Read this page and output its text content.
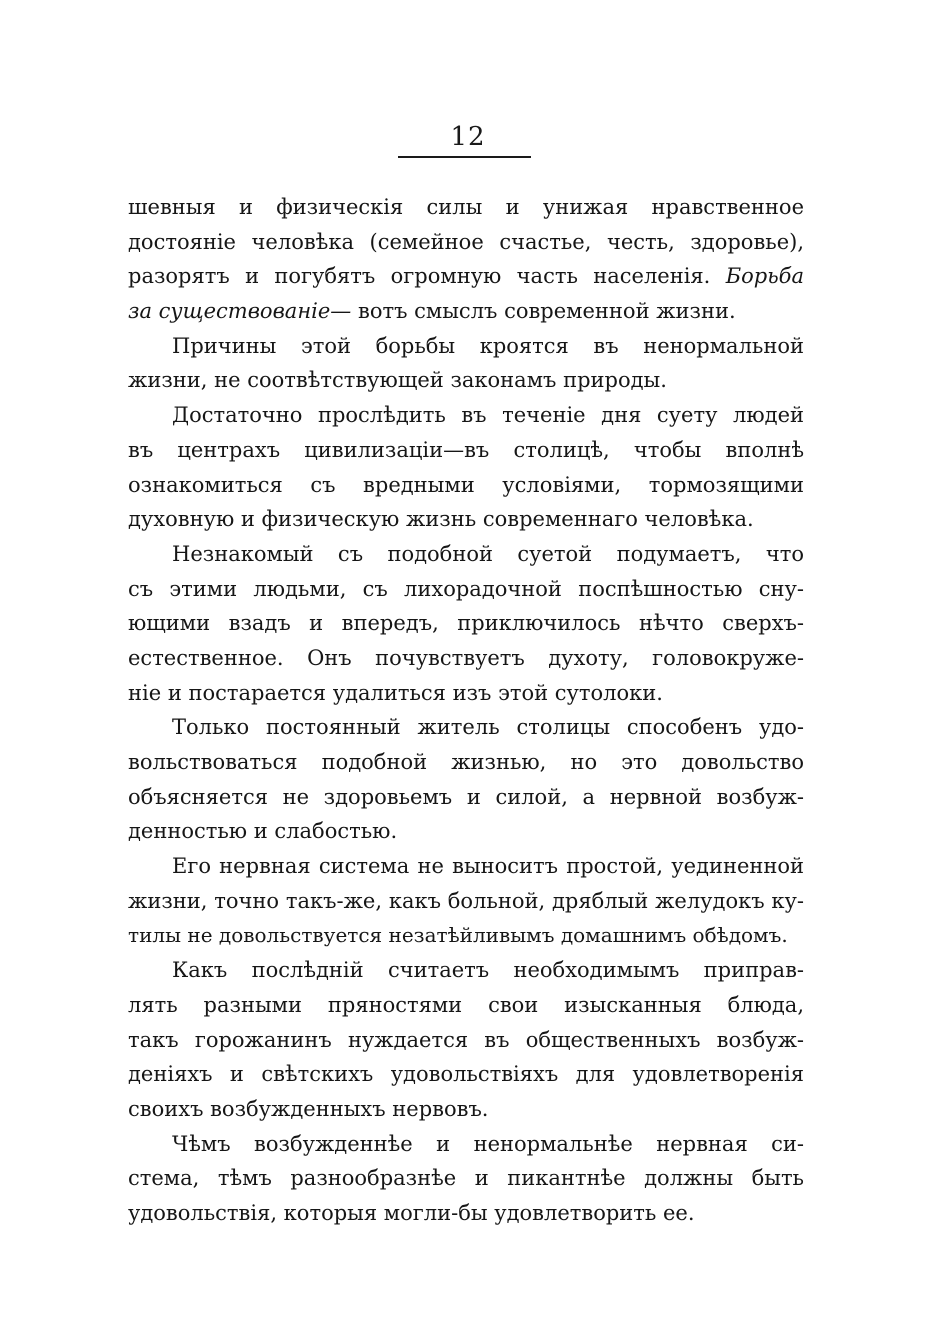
12
шевныя и физическія силы и унижая нравственное
достояніе человѣка (семейное счастье, честь, здоровье),
разорятъ и погубятъ огромную часть населенія. Борьба
за существованіе— вотъ смыслъ современной жизни.
Причины этой борьбы кроятся въ ненормальной
жизни, не соотвѣтствующей законамъ природы.
Достаточно прослѣдить въ теченіе дня суету людей
въ центрахъ цивилизаціи—въ столицѣ, чтобы вполнѣ
ознакомиться съ вредными условіями, тормозящими
духовную и физическую жизнь современнаго человѣка.
Незнакомый съ подобной суетой подумаетъ, что
съ этими людьми, съ лихорадочной поспѣшностью сну-
ющими взадъ и впередъ, приключилось нѣчто сверхъ-
естественное. Онъ почувствуетъ духоту, головокруже-
ніе и постарается удалиться изъ этой сутолоки.
Только постоянный житель столицы способенъ удо-
вольствоваться подобной жизнью, но это довольство
объясняется не здоровьемъ и силой, а нервной возбуж-
денностью и слабостью.
Его нервная система не выноситъ простой, уединенной
жизни, точно такъ-же, какъ больной, дряблый желудокъ ку-
тилы не довольствуется незатѣйливымъ домашнимъ обѣдомъ.
Какъ послѣдній считаетъ необходимымъ приправ-
лять разными пряностями свои изысканныя блюда,
такъ горожанинъ нуждается въ общественныхъ возбуж-
деніяхъ и свѣтскихъ удовольствіяхъ для удовлетворенія
своихъ возбужденныхъ нервовъ.
Чѣмъ возбужденнѣе и ненормальнѣе нервная си-
стема, тѣмъ разнообразнѣе и пикантнѣе должны быть
удовольствія, которыя могли-бы удовлетворить ее.
